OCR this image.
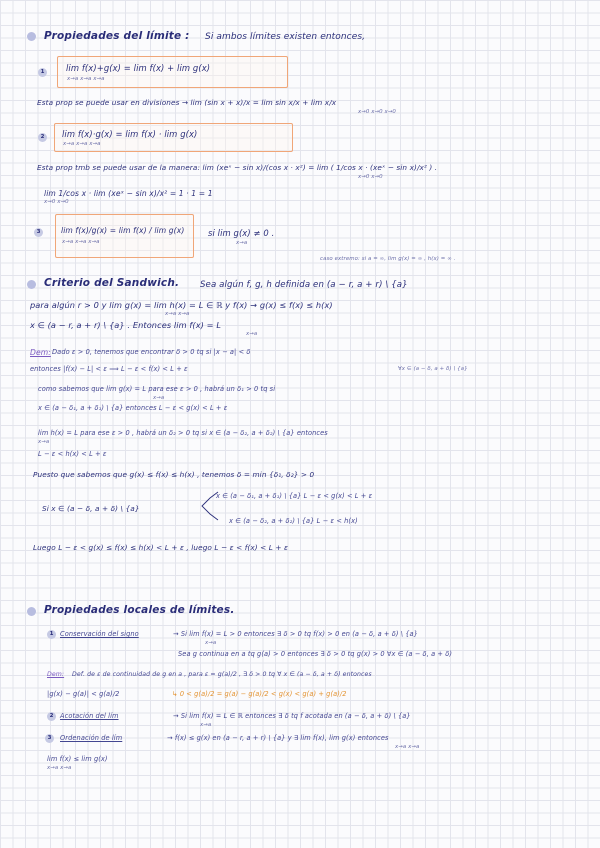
Propiedades del límite : Si ambos límites existen entonces,
1	lim f(x)+g(x) = lim f(x) + lim g(x)
x→a x→a x→a
Esta prop se puede usar en divisiones → lim (sin x + x)/x = lim sin x/x + lim x/x
x→0 x→0 x→0
2	lim f(x)·g(x) = lim f(x) · lim g(x)
x→a x→a x→a
Esta prop tmb se puede usar de la manera: lim (xeˣ − sin x)/(cos x · x²) = lim ( 1/cos x · (xeˣ − sin x)/x² ) .
x→0 x→0
lim 1/cos x · lim (xeˣ − sin x)/x² = 1 · 1 = 1
x→0 x→0
3	lim f(x)/g(x) = lim f(x) / lim g(x)
x→a x→a x→a
si lim g(x) ≠ 0 .
x→a
caso extremo: si a = ∞, lim g(x) = ∞ , h(x) = ∞ .
Criterio del Sandwich. Sea algún f, g, h definida en (a − r, a + r) \ {a}
para algún r > 0 y lim g(x) = lim h(x) = L ∈ ℝ y f(x) → g(x) ≤ f(x) ≤ h(x)
x→a x→a
x ∈ (a − r, a + r) \ {a} . Entonces lim f(x) = L
x→a
Dem: Dado ε > 0, tenemos que encontrar δ > 0 tq si |x − a| < δ
entonces |f(x) − L| < ε ⟹ L − ε < f(x) < L + ε	∀x ∈ (a − δ, a + δ) \ {a}
como sabemos que lim g(x) = L para ese ε > 0 , habrá un δ₁ > 0 tq si
x→a
x ∈ (a − δ₁, a + δ₁) \ {a} entonces L − ε < g(x) < L + ε
lim h(x) = L para ese ε > 0 , habrá un δ₂ > 0 tq si x ∈ (a − δ₂, a + δ₂) \ {a} entonces
x→a
L − ε < h(x) < L + ε
Puesto que sabemos que g(x) ≤ f(x) ≤ h(x) , tenemos δ = min {δ₁, δ₂} > 0
x ∈ (a − δ₁, a + δ₁) \ {a} L − ε < g(x) < L + ε
Si x ∈ (a − δ, a + δ) \ {a}
x ∈ (a − δ₂, a + δ₂) \ {a} L − ε < h(x)
Luego L − ε < g(x) ≤ f(x) ≤ h(x) < L + ε , luego L − ε < f(x) < L + ε
Propiedades locales de límites.
1 Conservación del signo	→ Si lim f(x) = L > 0 entonces ∃ δ > 0 tq f(x) > 0 en (a − δ, a + δ) \ {a}
x→a
Sea g continua en a tq g(a) > 0 entonces ∃ δ > 0 tq g(x) > 0 ∀x ∈ (a − δ, a + δ)
Dem: Def. de ε de continuidad de g en a , para ε = g(a)/2 , ∃ δ > 0 tq ∀ x ∈ (a − δ, a + δ) entonces
|g(x) − g(a)| < g(a)/2	↳ 0 < g(a)/2 = g(a) − g(a)/2 < g(x) < g(a) + g(a)/2
2 Acotación del lím	→ Si lim f(x) = L ∈ ℝ entonces ∃ δ tq f acotada en (a − δ, a + δ) \ {a}
x→a
3	Ordenación de lím	→ f(x) ≤ g(x) en (a − r, a + r) \ {a} y ∃ lim f(x), lim g(x) entonces
x→a x→a
lim f(x) ≤ lim g(x)
x→a x→a
